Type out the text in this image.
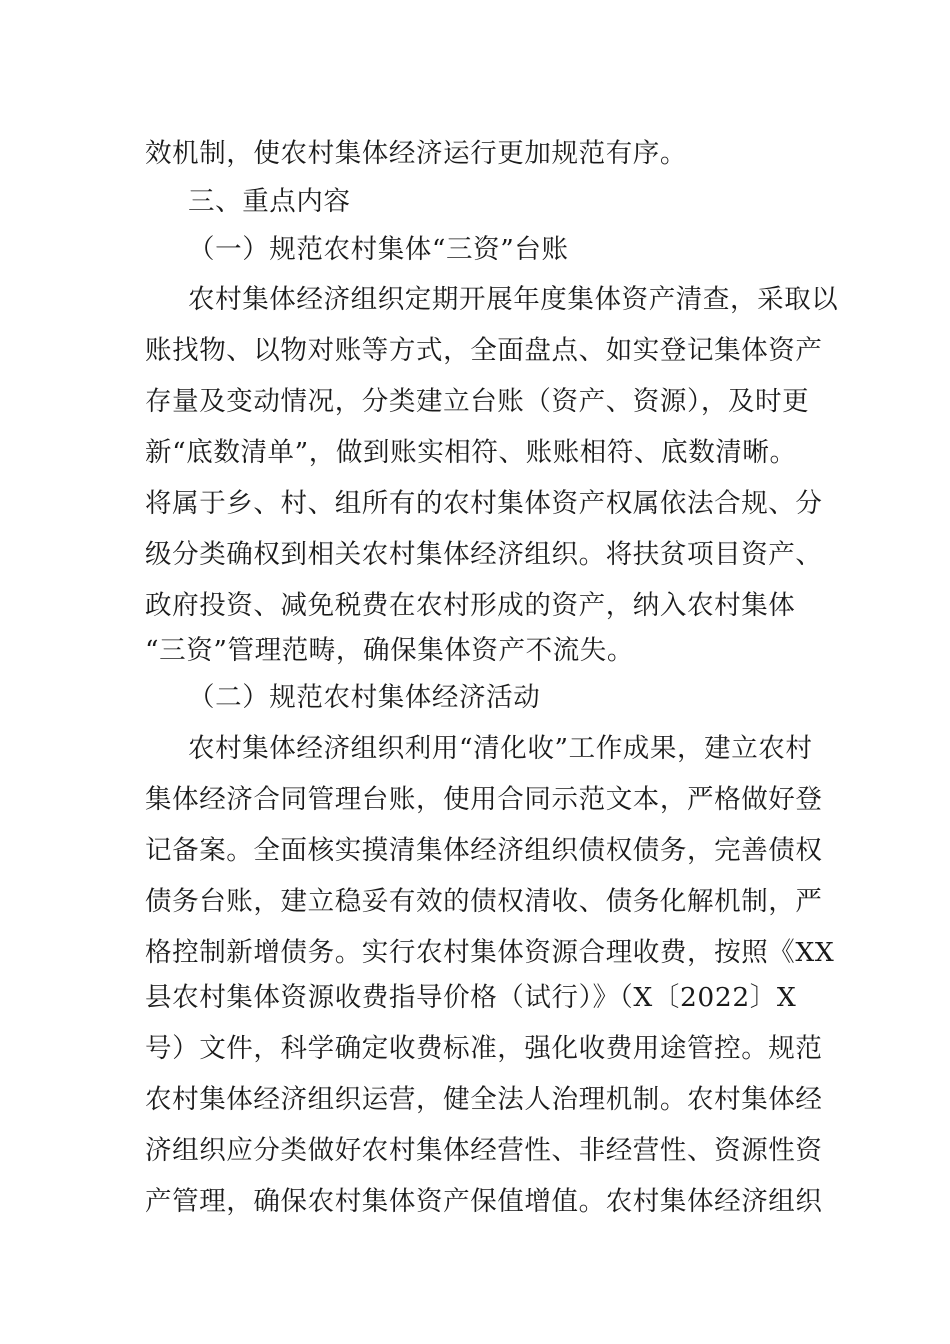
效机制，使农村集体经济运行更加规范有序。
三、重点内容
（一）规范农村集体“三资”台账
农村集体经济组织定期开展年度集体资产清查，采取以
账找物、以物对账等方式，全面盘点、如实登记集体资产
存量及变动情况，分类建立台账（资产、资源），及时更
新“底数清单”，做到账实相符、账账相符、底数清晰。
将属于乡、村、组所有的农村集体资产权属依法合规、分
级分类确权到相关农村集体经济组织。将扶贫项目资产、
政府投资、减免税费在农村形成的资产，纳入农村集体
“三资”管理范畴，确保集体资产不流失。
（二）规范农村集体经济活动
农村集体经济组织利用“清化收”工作成果，建立农村
集体经济合同管理台账，使用合同示范文本，严格做好登
记备案。全面核实摸清集体经济组织债权债务，完善债权
债务台账，建立稳妥有效的债权清收、债务化解机制，严
格控制新增债务。实行农村集体资源合理收费，按照《XX
县农村集体资源收费指导价格（试行）》（X〔2022〕X
号）文件，科学确定收费标准，强化收费用途管控。规范
农村集体经济组织运营，健全法人治理机制。农村集体经
济组织应分类做好农村集体经营性、非经营性、资源性资
产管理，确保农村集体资产保值增值。农村集体经济组织
